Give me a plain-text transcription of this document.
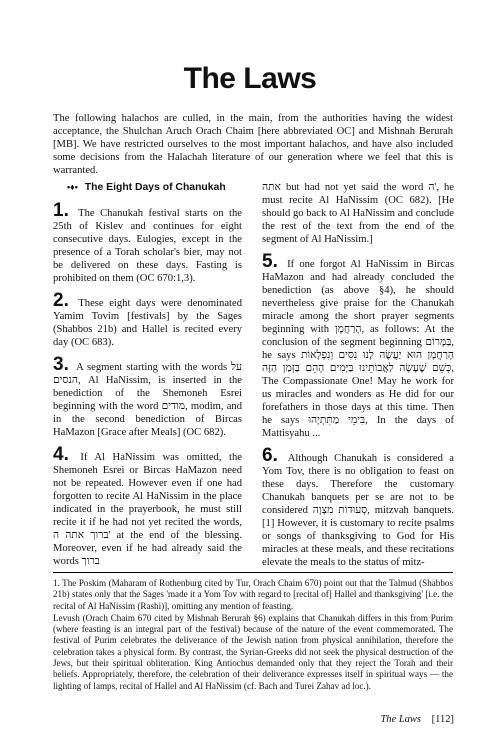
The Laws
The following halachos are culled, in the main, from the authorities having the widest acceptance, the Shulchan Aruch Orach Chaim [here abbreviated OC] and Mishnah Berurah [MB]. We have restricted ourselves to the most important halachos, and have also included some decisions from the Halachah literature of our generation where we feel that this is warranted.
•♦• The Eight Days of Chanukah
1. The Chanukah festival starts on the 25th of Kislev and continues for eight consecutive days. Eulogies, except in the presence of a Torah scholar's bier, may not be delivered on these days. Fasting is prohibited on them (OC 670:1,3).
2. These eight days were denominated Yamim Tovim [festivals] by the Sages (Shabbos 21b) and Hallel is recited every day (OC 683).
3. A segment starting with the words על הנסים, Al HaNissim, is inserted in the benediction of the Shemoneh Esrei beginning with the word מודים, modim, and in the second benediction of Bircas HaMazon [Grace after Meals] (OC 682).
4. If Al HaNissim was omitted, the Shemoneh Esrei or Bircas HaMazon need not be repeated. However even if one had forgotten to recite Al HaNissim in the place indicated in the prayerbook, he must still recite it if he had not yet recited the words, ברוך אתה ה' at the end of the blessing. Moreover, even if he had already said the words ברוך
אתה but had not yet said the word ה', he must recite Al HaNissim (OC 682). [He should go back to Al HaNissim and conclude the rest of the text from the end of the segment of Al HaNissim.]
5. If one forgot Al HaNissim in Bircas HaMazon and had already concluded the benediction (as above §4), he should nevertheless give praise for the Chanukah miracle among the short prayer segments beginning with הָרַחֲמָן, as follows: At the conclusion of the segment beginning בַּמָּרוֹם, he says הָרַחֲמָן הוּא יַעֲשֶׂה לָנוּ נִסִּים וְנִפְלָאוֹת כְּשֵׁם שֶׁעָשָׂה לַאֲבוֹתֵינוּ בַּיָּמִים הָהֵם בַּזְּמַן הַזֶּה, The Compassionate One! May he work for us miracles and wonders as He did for our forefathers in those days at this time. Then he says בִּימֵי מַתִּתְיָהוּ, In the days of Mattisyahu ...
6. Although Chanukah is considered a Yom Tov, there is no obligation to feast on these days. Therefore the customary Chanukah banquets per se are not to be considered סְעוּדוֹת מִצְוָה, mitzvah banquets.[1] However, it is customary to recite psalms or songs of thanksgiving to God for His miracles at these meals, and these recitations elevate the meals to the status of mitz-

1. The Poskim (Maharam of Rothenburg cited by Tur, Orach Chaim 670) point out that the Talmud (Shabbos 21b) states only that the Sages 'made it a Yom Tov with regard to [recital of] Hallel and thanksgiving' [i.e. the recital of Al HaNissim (Rashi)], omitting any mention of feasting.

Levush (Orach Chaim 670 cited by Mishnah Berurah §6) explains that Chanukah differs in this from Purim (where feasting is an integral part of the festival) because of the nature of the event commemorated. The festival of Purim celebrates the deliverance of the Jewish nation from physical annihilation, therefore the celebration takes a physical form. By contrast, the Syrian-Greeks did not seek the physical destruction of the Jews, but their spiritual obliteration. King Antiochus demanded only that they reject the Torah and their beliefs. Appropriately, therefore, the celebration of their deliverance expresses itself in spiritual ways — the lighting of lamps, recital of Hallel and Al HaNissim (cf. Bach and Turei Zahav ad loc.).

The Laws [112]
